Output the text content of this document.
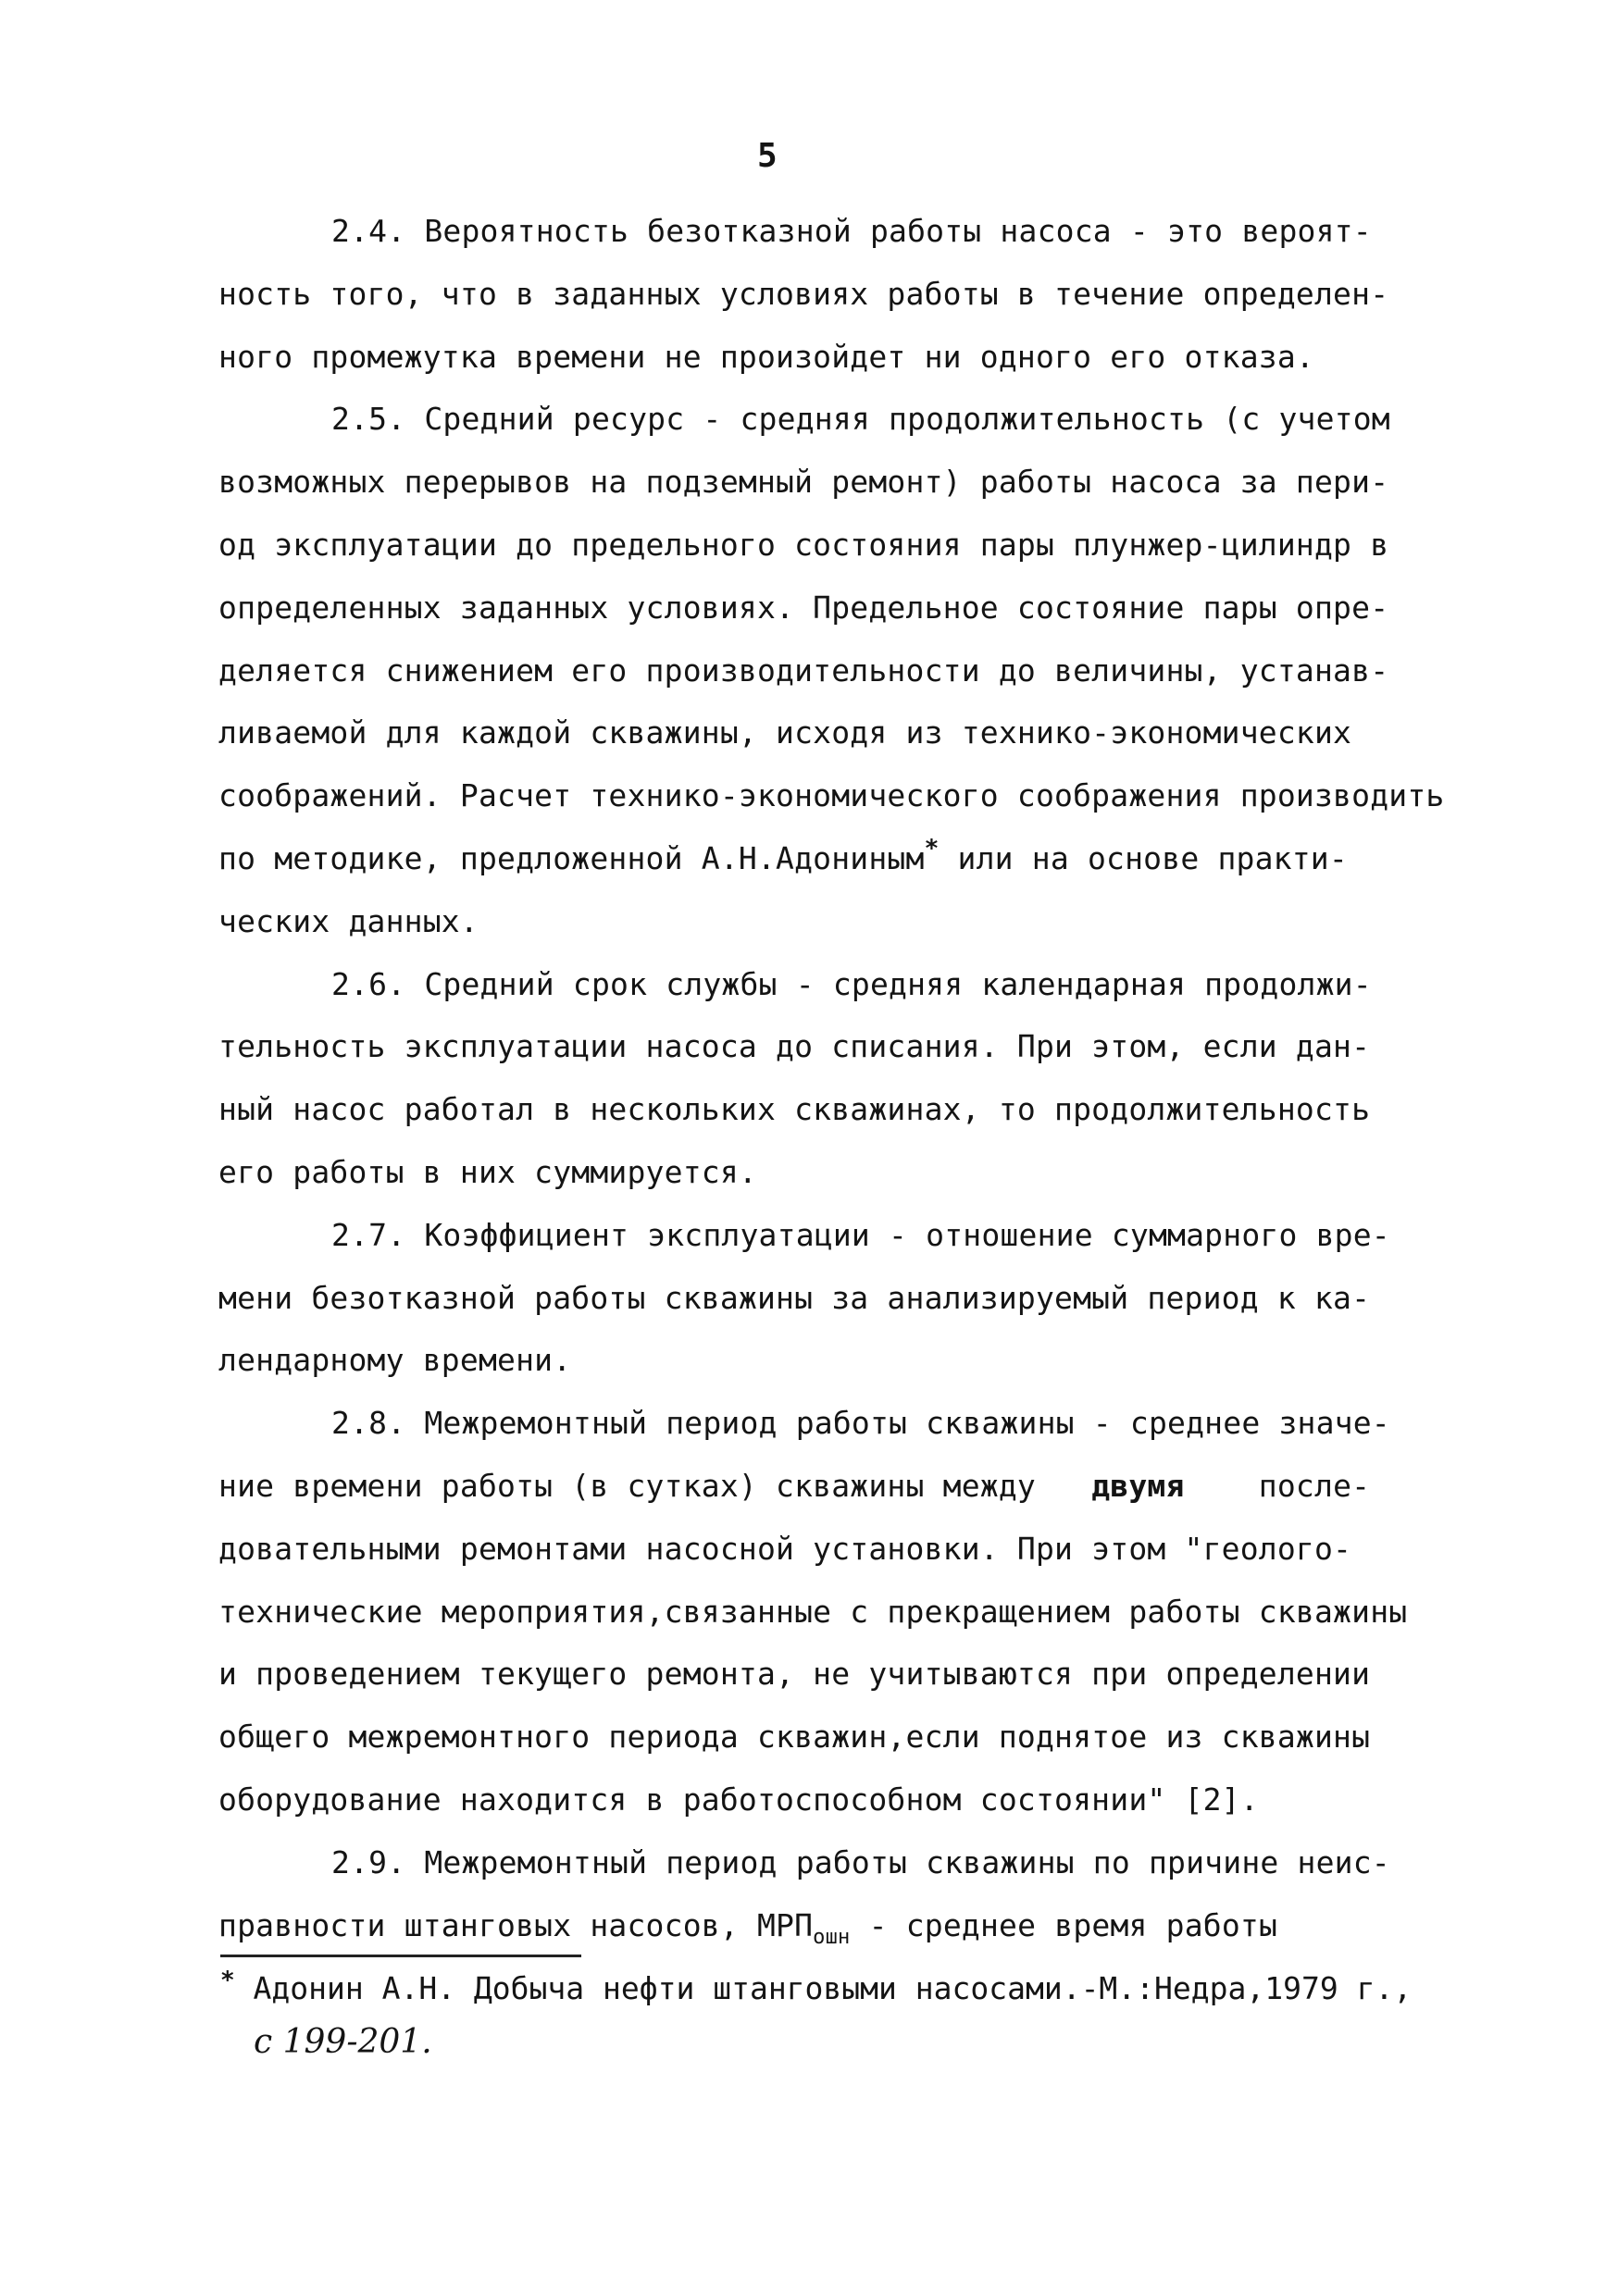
5
2.4. Вероятность безотказной работы насоса - это вероят-
ность того, что в заданных условиях работы в течение определен-
ного промежутка времени не произойдет ни одного его отказа.
2.5. Средний ресурс - средняя продолжительность (с учетом
возможных перерывов на подземный ремонт) работы насоса за пери-
од эксплуатации до предельного состояния пары плунжер-цилиндр в
определенных заданных условиях. Предельное состояние пары опре-
деляется снижением его производительности до величины, устанав-
ливаемой для каждой скважины, исходя из технико-экономических
соображений. Расчет технико-экономического соображения производить
по методике, предложенной А.Н.Адониным* или на основе практи-
ческих данных.
2.6. Средний срок службы - средняя календарная продолжи-
тельность эксплуатации насоса до списания. При этом, если дан-
ный насос работал в нескольких скважинах, то продолжительность
его работы в них суммируется.
2.7. Коэффициент эксплуатации - отношение суммарного вре-
мени безотказной работы скважины за анализируемый период к ка-
лендарному времени.
2.8. Межремонтный период работы скважины - среднее значе-
ние времени работы (в сутках) скважины между   двумя    после-
довательными ремонтами насосной установки. При этом "геолого-
технические мероприятия,связанные с прекращением работы скважины
и проведением текущего ремонта, не учитываются при определении
общего межремонтного периода скважин,если поднятое из скважины
оборудование находится в работоспособном состоянии" [2].
2.9. Межремонтный период работы скважины по причине неис-
правности штанговых насосов, $МРП_{ошн}$ - среднее время работы
* Адонин А.Н. Добыча нефти штанговыми насосами.-М.:Недра,1979 г.,
с 199-201.
